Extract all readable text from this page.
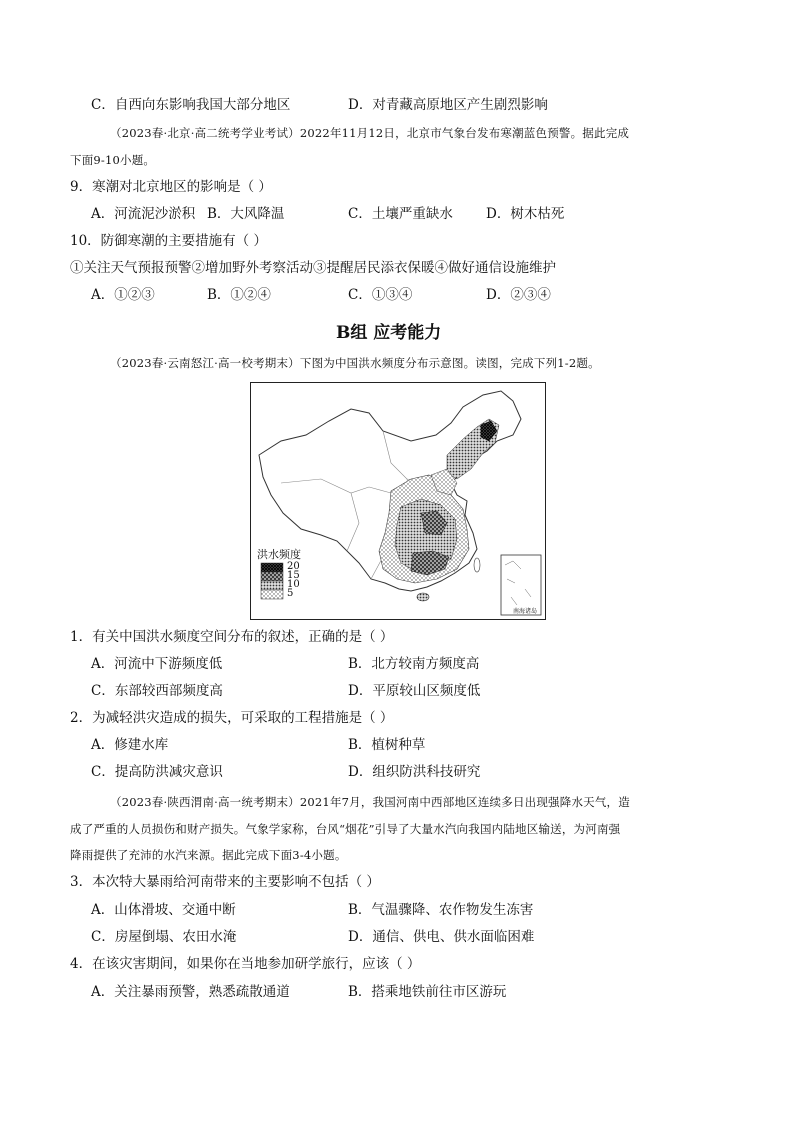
C．自西向东影响我国大部分地区	D．对青藏高原地区产生剧烈影响
（2023春·北京·高二统考学业考试）2022年11月12日，北京市气象台发布寒潮蓝色预警。据此完成
下面9-10小题。
9．寒潮对北京地区的影响是（ ）
A．河流泥沙淤积 B．大风降温	C．土壤严重缺水 D．树木枯死
10．防御寒潮的主要措施有（ ）
①关注天气预报预警②增加野外考察活动③提醒居民添衣保暖④做好通信设施维护
A．①②③	B．①②④	C．①③④	D．②③④
B组 应考能力
（2023春·云南怒江·高一校考期末）下图为中国洪水频度分布示意图。读图，完成下列1-2题。
洪水频度
20
15
10
5
南海诸岛
1．有关中国洪水频度空间分布的叙述，正确的是（ ）
A．河流中下游频度低	B．北方较南方频度高
C．东部较西部频度高	D．平原较山区频度低
2．为减轻洪灾造成的损失，可采取的工程措施是（ ）
A．修建水库	B．植树种草
C．提高防洪减灾意识	D．组织防洪科技研究
（2023春·陕西渭南·高一统考期末）2021年7月，我国河南中西部地区连续多日出现强降水天气，造
成了严重的人员损伤和财产损失。气象学家称，台风“烟花”引导了大量水汽向我国内陆地区输送，为河南强
降雨提供了充沛的水汽来源。据此完成下面3-4小题。
3．本次特大暴雨给河南带来的主要影响不包括（ ）
A．山体滑坡、交通中断	B．气温骤降、农作物发生冻害
C．房屋倒塌、农田水淹	D．通信、供电、供水面临困难
4．在该灾害期间，如果你在当地参加研学旅行，应该（ ）
A．关注暴雨预警，熟悉疏散通道	B．搭乘地铁前往市区游玩
